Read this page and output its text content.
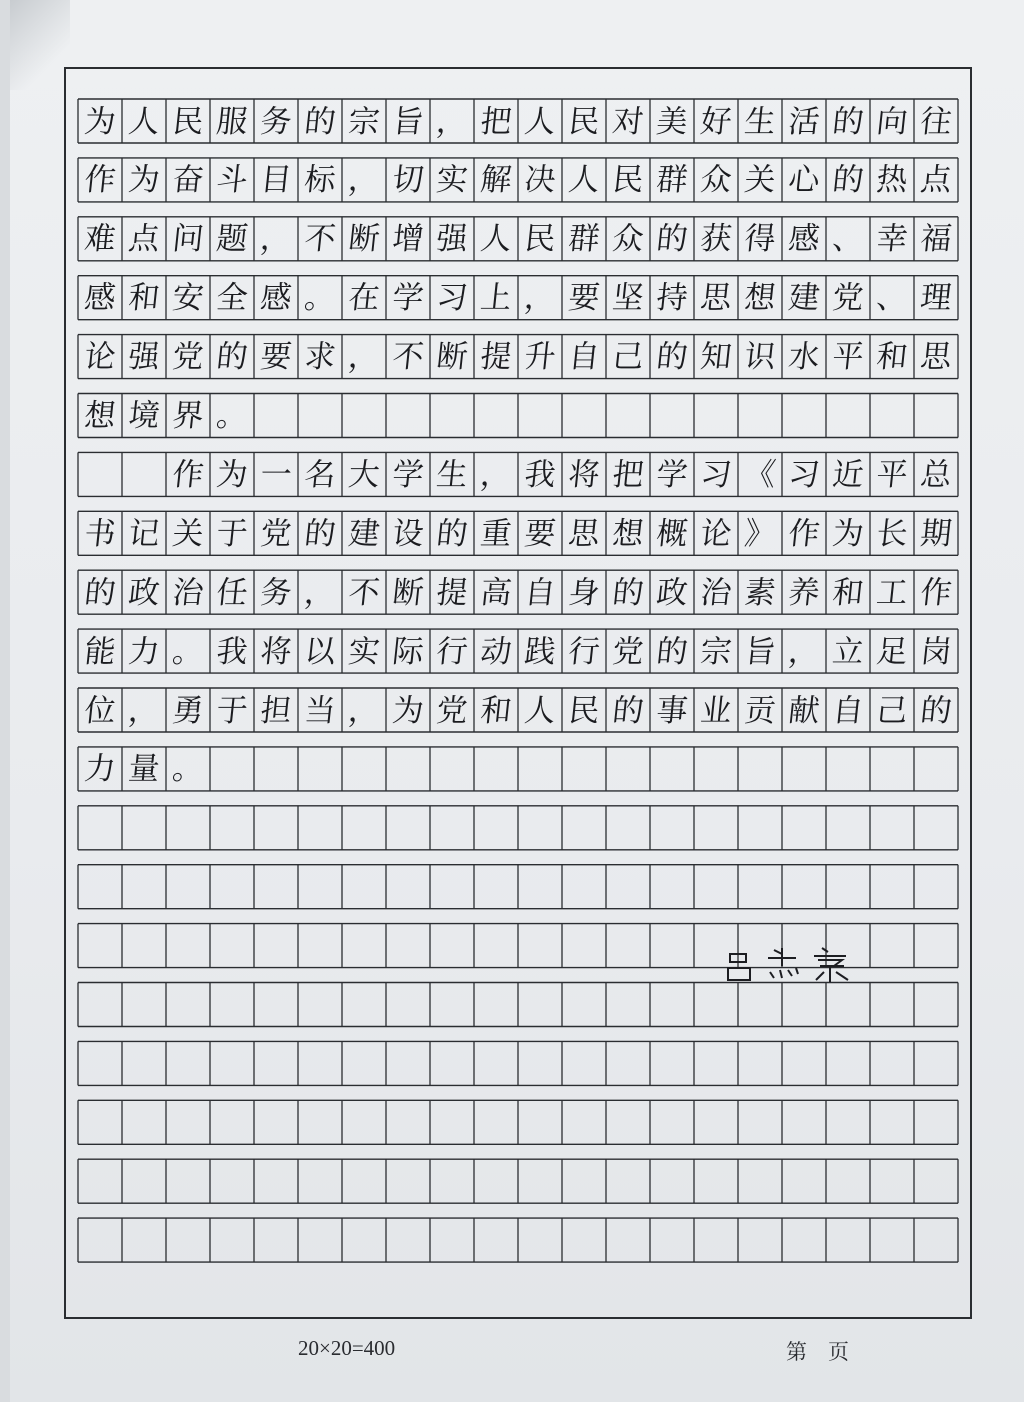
为 人 民 服 务 的 宗 旨 ， 把 人 民 对 美 好 生 活 的 向 往
作 为 奋 斗 目 标 ， 切 实 解 决 人 民 群 众 关 心 的 热 点
难 点 问 题 ， 不 断 增 强 人 民 群 众 的 获 得 感 、 幸 福
感 和 安 全 感 。 在 学 习 上 ， 要 坚 持 思 想 建 党 、 理
论 强 党 的 要 求 ， 不 断 提 升 自 己 的 知 识 水 平 和 思
想 境 界 。
作 为 一 名 大 学 生 ， 我 将 把 学 习 《 习 近 平 总
书 记 关 于 党 的 建 设 的 重 要 思 想 概 论 》 作 为 长 期
的 政 治 任 务 ， 不 断 提 高 自 身 的 政 治 素 养 和 工 作
能 力 。 我 将 以 实 际 行 动 践 行 党 的 宗 旨 ， 立 足 岗
位 ， 勇 于 担 当 ， 为 党 和 人 民 的 事 业 贡 献 自 己 的
力 量 。
20×20=400	第　页
